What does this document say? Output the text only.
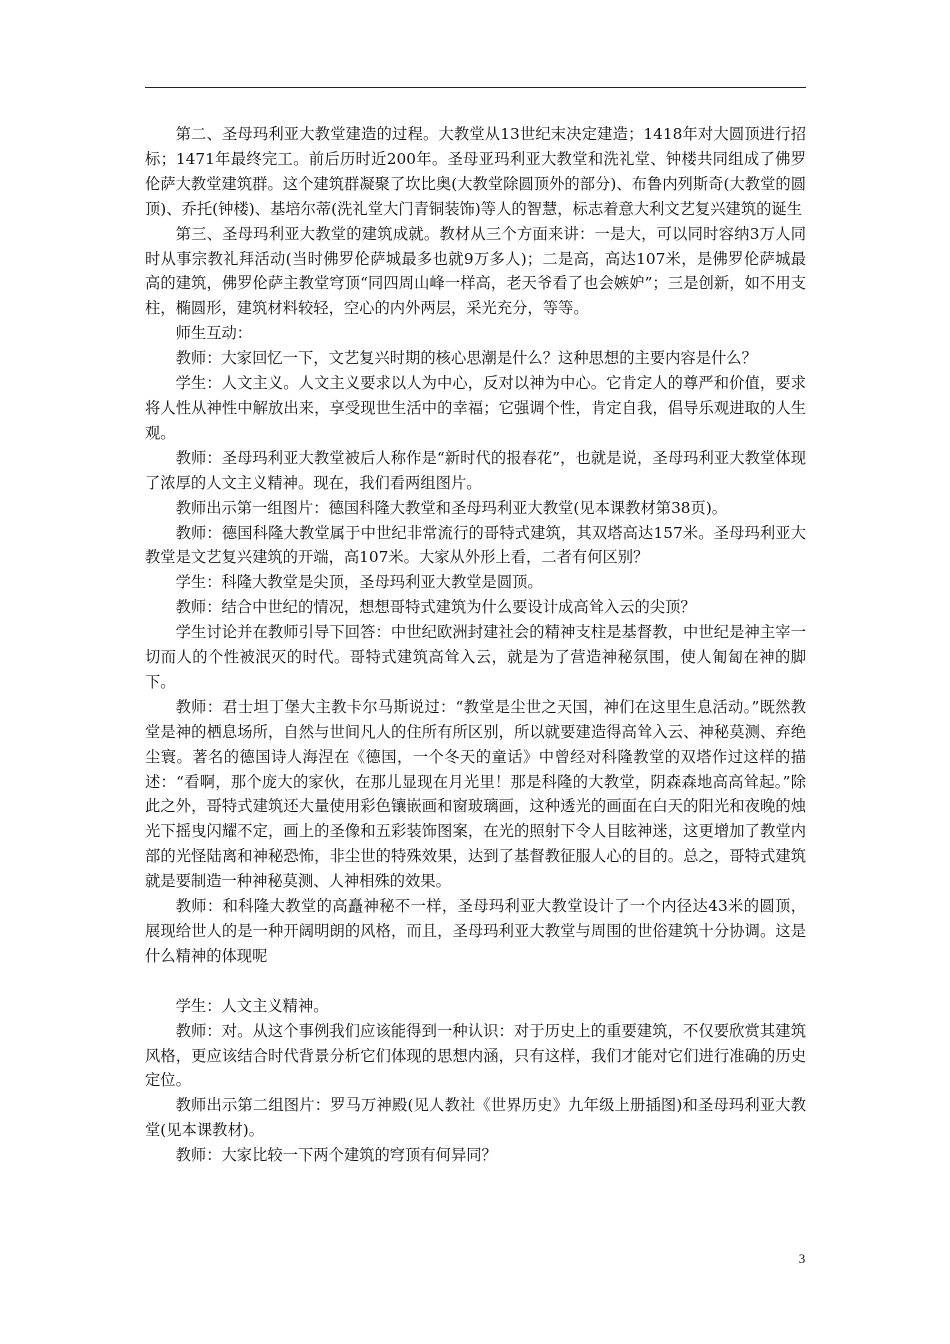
第二、圣母玛利亚大教堂建造的过程。大教堂从13世纪末决定建造；1418年对大圆顶进行招标；1471年最终完工。前后历时近200年。圣母亚玛利亚大教堂和洗礼堂、钟楼共同组成了佛罗伦萨大教堂建筑群。这个建筑群凝聚了坎比奥(大教堂除圆顶外的部分)、布鲁内列斯奇(大教堂的圆顶)、乔托(钟楼)、基培尔蒂(洗礼堂大门青铜装饰)等人的智慧，标志着意大利文艺复兴建筑的诞生

第三、圣母玛利亚大教堂的建筑成就。教材从三个方面来讲：一是大，可以同时容纳3万人同时从事宗教礼拜活动(当时佛罗伦萨城最多也就9万多人)；二是高，高达107米，是佛罗伦萨城最高的建筑，佛罗伦萨主教堂穹顶“同四周山峰一样高，老天爷看了也会嫉妒”；三是创新，如不用支柱，椭圆形，建筑材料较轻，空心的内外两层，采光充分，等等。

师生互动：

教师：大家回忆一下，文艺复兴时期的核心思潮是什么？这种思想的主要内容是什么？

学生：人文主义。人文主义要求以人为中心，反对以神为中心。它肯定人的尊严和价值，要求将人性从神性中解放出来，享受现世生活中的幸福；它强调个性，肯定自我，倡导乐观进取的人生观。

教师：圣母玛利亚大教堂被后人称作是“新时代的报春花”，也就是说，圣母玛利亚大教堂体现了浓厚的人文主义精神。现在，我们看两组图片。

教师出示第一组图片：德国科隆大教堂和圣母玛利亚大教堂(见本课教材第38页)。

教师：德国科隆大教堂属于中世纪非常流行的哥特式建筑，其双塔高达157米。圣母玛利亚大教堂是文艺复兴建筑的开端，高107米。大家从外形上看，二者有何区别？

学生：科隆大教堂是尖顶，圣母玛利亚大教堂是圆顶。

教师：结合中世纪的情况，想想哥特式建筑为什么要设计成高耸入云的尖顶？

学生讨论并在教师引导下回答：中世纪欧洲封建社会的精神支柱是基督教，中世纪是神主宰一切而人的个性被泯灭的时代。哥特式建筑高耸入云，就是为了营造神秘氛围，使人匍匐在神的脚下。

教师：君士坦丁堡大主教卡尔马斯说过：“教堂是尘世之天国，神们在这里生息活动。”既然教堂是神的栖息场所，自然与世间凡人的住所有所区别，所以就要建造得高耸入云、神秘莫测、弃绝尘寰。著名的德国诗人海涅在《德国，一个冬天的童话》中曾经对科隆教堂的双塔作过这样的描述：“看啊，那个庞大的家伙，在那儿显现在月光里！那是科隆的大教堂，阴森森地高高耸起。”除此之外，哥特式建筑还大量使用彩色镶嵌画和窗玻璃画，这种透光的画面在白天的阳光和夜晚的烛光下摇曳闪耀不定，画上的圣像和五彩装饰图案，在光的照射下令人目眩神迷，这更增加了教堂内部的光怪陆离和神秘恐怖，非尘世的特殊效果，达到了基督教征服人心的目的。总之，哥特式建筑就是要制造一种神秘莫测、人神相殊的效果。

教师：和科隆大教堂的高矗神秘不一样，圣母玛利亚大教堂设计了一个内径达43米的圆顶，展现给世人的是一种开阔明朗的风格，而且，圣母玛利亚大教堂与周围的世俗建筑十分协调。这是什么精神的体现呢

学生：人文主义精神。

教师：对。从这个事例我们应该能得到一种认识：对于历史上的重要建筑，不仅要欣赏其建筑风格，更应该结合时代背景分析它们体现的思想内涵，只有这样，我们才能对它们进行准确的历史定位。

教师出示第二组图片：罗马万神殿(见人教社《世界历史》九年级上册插图)和圣母玛利亚大教堂(见本课教材)。

教师：大家比较一下两个建筑的穹顶有何异同？

3
